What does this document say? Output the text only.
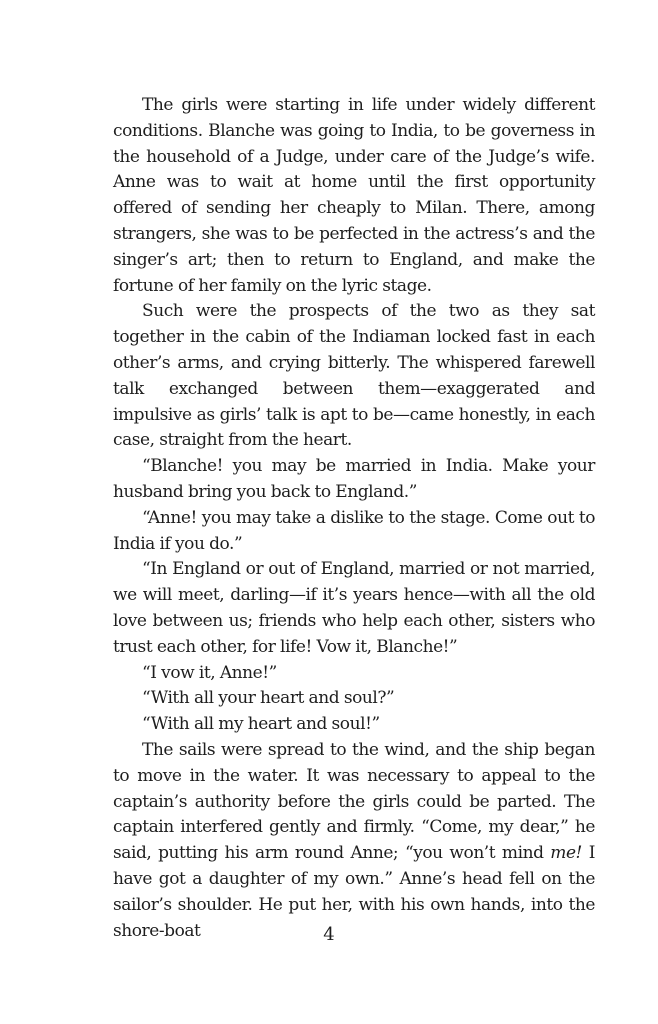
The girls were starting in life under widely different conditions. Blanche was going to India, to be governess in the household of a Judge, under care of the Judge’s wife. Anne was to wait at home until the first opportunity offered of sending her cheaply to Milan. There, among strangers, she was to be perfected in the actress’s and the singer’s art; then to return to England, and make the fortune of her family on the lyric stage.

Such were the prospects of the two as they sat together in the cabin of the Indiaman locked fast in each other’s arms, and crying bitterly. The whispered farewell talk exchanged between them—exaggerated and impulsive as girls’ talk is apt to be—came honestly, in each case, straight from the heart.

“Blanche! you may be married in India. Make your husband bring you back to England.”

“Anne! you may take a dislike to the stage. Come out to India if you do.”

“In England or out of England, married or not married, we will meet, darling—if it’s years hence—with all the old love between us; friends who help each other, sisters who trust each other, for life! Vow it, Blanche!”

“I vow it, Anne!”

“With all your heart and soul?”

“With all my heart and soul!”

The sails were spread to the wind, and the ship began to move in the water. It was necessary to appeal to the captain’s authority before the girls could be parted. The captain interfered gently and firmly. “Come, my dear,” he said, putting his arm round Anne; “you won’t mind me! I have got a daughter of my own.” Anne’s head fell on the sailor’s shoulder. He put her, with his own hands, into the shore-boat	4
